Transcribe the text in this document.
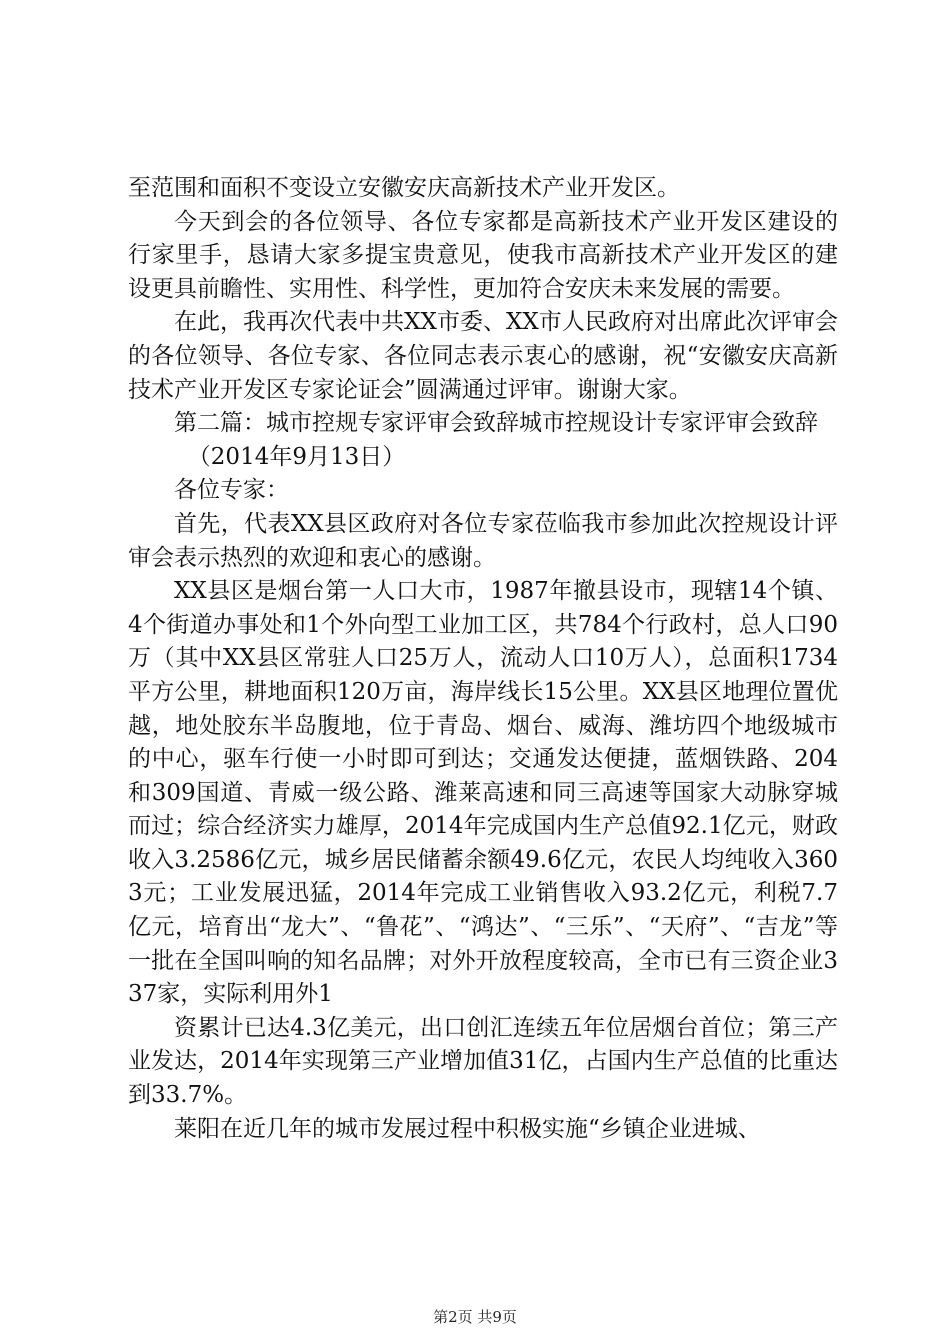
至范围和面积不变设立安徽安庆高新技术产业开发区。

今天到会的各位领导、各位专家都是高新技术产业开发区建设的行家里手，恳请大家多提宝贵意见，使我市高新技术产业开发区的建设更具前瞻性、实用性、科学性，更加符合安庆未来发展的需要。

在此，我再次代表中共XX市委、XX市人民政府对出席此次评审会的各位领导、各位专家、各位同志表示衷心的感谢，祝“安徽安庆高新技术产业开发区专家论证会”圆满通过评审。谢谢大家。

第二篇：城市控规专家评审会致辞城市控规设计专家评审会致辞

（2014年9月13日）

各位专家：

首先，代表XX县区政府对各位专家莅临我市参加此次控规设计评审会表示热烈的欢迎和衷心的感谢。

XX县区是烟台第一人口大市，1987年撤县设市，现辖14个镇、4个街道办事处和1个外向型工业加工区，共784个行政村，总人口90万（其中XX县区常驻人口25万人，流动人口10万人），总面积1734平方公里，耕地面积120万亩，海岸线长15公里。XX县区地理位置优越，地处胶东半岛腹地，位于青岛、烟台、威海、潍坊四个地级城市的中心，驱车行使一小时即可到达；交通发达便捷，蓝烟铁路、204和309国道、青威一级公路、潍莱高速和同三高速等国家大动脉穿城而过；综合经济实力雄厚，2014年完成国内生产总值92.1亿元，财政收入3.2586亿元，城乡居民储蓄余额49.6亿元，农民人均纯收入3603元；工业发展迅猛，2014年完成工业销售收入93.2亿元，利税7.7亿元，培育出“龙大”、“鲁花”、“鸿达”、“三乐”、“天府”、“吉龙”等一批在全国叫响的知名品牌；对外开放程度较高，全市已有三资企业337家，实际利用外1

资累计已达4.3亿美元，出口创汇连续五年位居烟台首位；第三产业发达，2014年实现第三产业增加值31亿，占国内生产总值的比重达到33.7%。

莱阳在近几年的城市发展过程中积极实施“乡镇企业进城、

第2页 共9页
